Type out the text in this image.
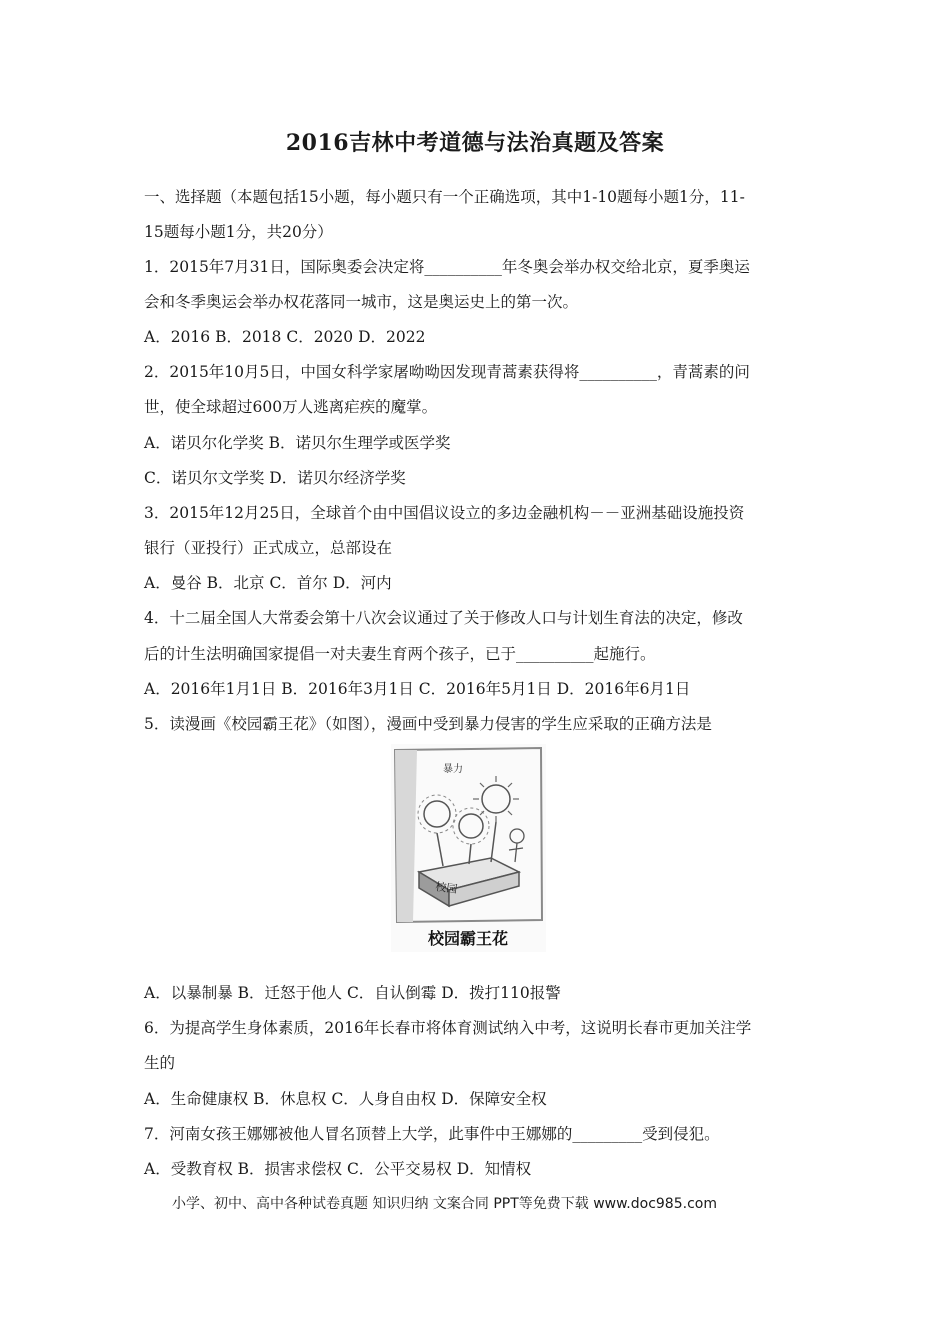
2016吉林中考道德与法治真题及答案
一、选择题（本题包括15小题，每小题只有一个正确选项，其中1-10题每小题1分，11-
15题每小题1分，共20分）
1．2015年7月31日，国际奥委会决定将__________年冬奥会举办权交给北京，夏季奥运
会和冬季奥运会举办权花落同一城市，这是奥运史上的第一次。
A．2016 B．2018 C．2020 D．2022
2．2015年10月5日，中国女科学家屠呦呦因发现青蒿素获得将__________，青蒿素的问
世，使全球超过600万人逃离疟疾的魔掌。
A．诺贝尔化学奖 B．诺贝尔生理学或医学奖
C．诺贝尔文学奖 D．诺贝尔经济学奖
3．2015年12月25日，全球首个由中国倡议设立的多边金融机构－－亚洲基础设施投资
银行（亚投行）正式成立，总部设在
A．曼谷 B．北京 C．首尔 D．河内
4．十二届全国人大常委会第十八次会议通过了关于修改人口与计划生育法的决定，修改
后的计生法明确国家提倡一对夫妻生育两个孩子，已于__________起施行。
A．2016年1月1日 B．2016年3月1日 C．2016年5月1日 D．2016年6月1日
5．读漫画《校园霸王花》（如图），漫画中受到暴力侵害的学生应采取的正确方法是
校园
暴力
校园霸王花
A．以暴制暴 B．迁怒于他人 C．自认倒霉 D．拨打110报警
6．为提高学生身体素质，2016年长春市将体育测试纳入中考，这说明长春市更加关注学
生的
A．生命健康权 B．休息权 C．人身自由权 D．保障安全权
7．河南女孩王娜娜被他人冒名顶替上大学，此事件中王娜娜的_________受到侵犯。
A．受教育权 B．损害求偿权 C．公平交易权 D．知情权
小学、初中、高中各种试卷真题 知识归纳 文案合同 PPT等免费下载 www.doc985.com
